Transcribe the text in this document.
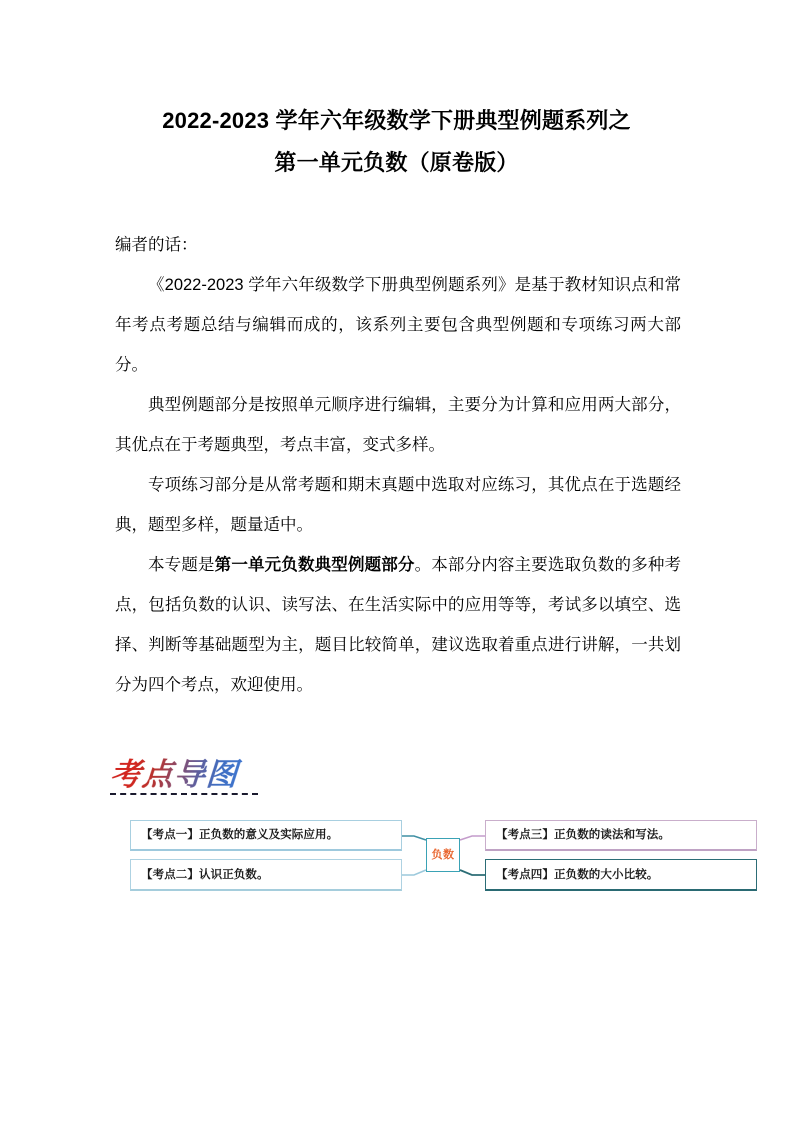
2022-2023 学年六年级数学下册典型例题系列之
第一单元负数（原卷版）

编者的话：

《2022-2023 学年六年级数学下册典型例题系列》是基于教材知识点和常年考点考题总结与编辑而成的，该系列主要包含典型例题和专项练习两大部分。

典型例题部分是按照单元顺序进行编辑，主要分为计算和应用两大部分，其优点在于考题典型，考点丰富，变式多样。

专项练习部分是从常考题和期末真题中选取对应练习，其优点在于选题经典，题型多样，题量适中。

本专题是第一单元负数典型例题部分。本部分内容主要选取负数的多种考点，包括负数的认识、读写法、在生活实际中的应用等等，考试多以填空、选择、判断等基础题型为主，题目比较简单，建议选取着重点进行讲解，一共划分为四个考点，欢迎使用。

考点导图
【考点一】 正负数的意义及实际应用。
【考点二】 认识正负数。
【考点三】 正负数的读法和写法。
【考点四】 正负数的大小比较。
负数
